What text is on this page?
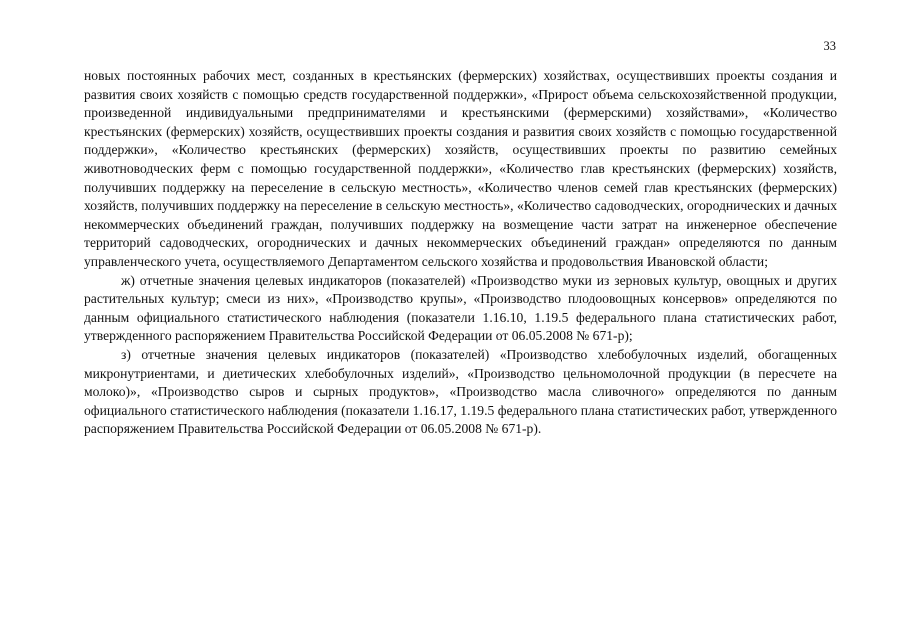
33

новых постоянных рабочих мест, созданных в крестьянских (фермерских) хозяйствах, осуществивших проекты создания и развития своих хозяйств с помощью средств государственной поддержки», «Прирост объема сельскохозяйственной продукции, произведенной индивидуальными предпринимателями и крестьянскими (фермерскими) хозяйствами», «Количество крестьянских (фермерских) хозяйств, осуществивших проекты создания и развития своих хозяйств с помощью государственной поддержки», «Количество крестьянских (фермерских) хозяйств, осуществивших проекты по развитию семейных животноводческих ферм с помощью государственной поддержки», «Количество глав крестьянских (фермерских) хозяйств, получивших поддержку на переселение в сельскую местность», «Количество членов семей глав крестьянских (фермерских) хозяйств, получивших поддержку на переселение в сельскую местность», «Количество садоводческих, огороднических и дачных некоммерческих объединений граждан, получивших поддержку на возмещение части затрат на инженерное обеспечение территорий садоводческих, огороднических и дачных некоммерческих объединений граждан» определяются по данным управленческого учета, осуществляемого Департаментом сельского хозяйства и продовольствия Ивановской области;

ж) отчетные значения целевых индикаторов (показателей) «Производство муки из зерновых культур, овощных и других растительных культур; смеси из них», «Производство крупы», «Производство плодоовощных консервов» определяются по данным официального статистического наблюдения (показатели 1.16.10, 1.19.5 федерального плана статистических работ, утвержденного распоряжением Правительства Российской Федерации от 06.05.2008 № 671-р);

з) отчетные значения целевых индикаторов (показателей) «Производство хлебобулочных изделий, обогащенных микронутриентами, и диетических хлебобулочных изделий», «Производство цельномолочной продукции (в пересчете на молоко)», «Производство сыров и сырных продуктов», «Производство масла сливочного» определяются по данным официального статистического наблюдения (показатели 1.16.17, 1.19.5 федерального плана статистических работ, утвержденного распоряжением Правительства Российской Федерации от 06.05.2008 № 671-р).
